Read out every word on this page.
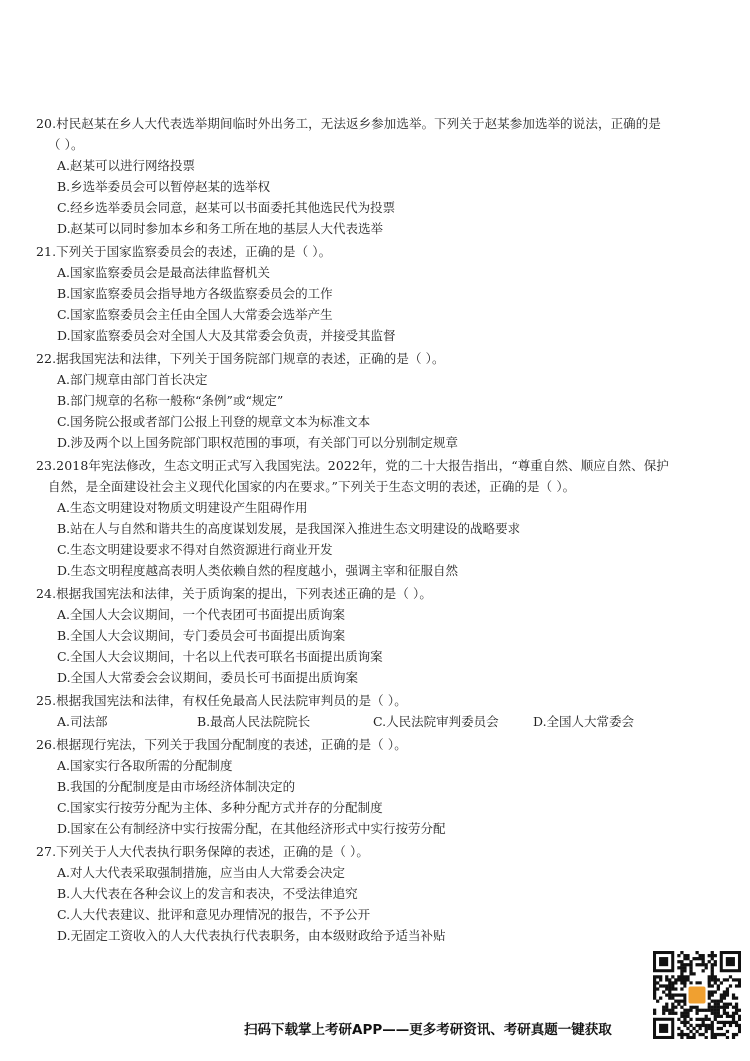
20.村民赵某在乡人大代表选举期间临时外出务工，无法返乡参加选举。下列关于赵某参加选举的说法，正确的是

（ ）。

A.赵某可以进行网络投票
B.乡选举委员会可以暂停赵某的选举权
C.经乡选举委员会同意，赵某可以书面委托其他选民代为投票
D.赵某可以同时参加本乡和务工所在地的基层人大代表选举

21.下列关于国家监察委员会的表述，正确的是（ ）。

A.国家监察委员会是最高法律监督机关
B.国家监察委员会指导地方各级监察委员会的工作
C.国家监察委员会主任由全国人大常委会选举产生
D.国家监察委员会对全国人大及其常委会负责，并接受其监督

22.据我国宪法和法律，下列关于国务院部门规章的表述，正确的是（ ）。

A.部门规章由部门首长决定
B.部门规章的名称一般称“条例”或“规定”
C.国务院公报或者部门公报上刊登的规章文本为标准文本
D.涉及两个以上国务院部门职权范围的事项，有关部门可以分别制定规章

23.2018年宪法修改，生态文明正式写入我国宪法。2022年，党的二十大报告指出，“尊重自然、顺应自然、保护

自然，是全面建设社会主义现代化国家的内在要求。”下列关于生态文明的表述，正确的是（ ）。

A.生态文明建设对物质文明建设产生阻碍作用
B.站在人与自然和谐共生的高度谋划发展，是我国深入推进生态文明建设的战略要求
C.生态文明建设要求不得对自然资源进行商业开发
D.生态文明程度越高表明人类依赖自然的程度越小，强调主宰和征服自然

24.根据我国宪法和法律，关于质询案的提出，下列表述正确的是（ ）。

A.全国人大会议期间，一个代表团可书面提出质询案
B.全国人大会议期间，专门委员会可书面提出质询案
C.全国人大会议期间，十名以上代表可联名书面提出质询案
D.全国人大常委会会议期间，委员长可书面提出质询案

25.根据我国宪法和法律，有权任免最高人民法院审判员的是（ ）。

A.司法部	B.最高人民法院院长	C.人民法院审判委员会	D.全国人大常委会

26.根据现行宪法，下列关于我国分配制度的表述，正确的是（ ）。

A.国家实行各取所需的分配制度
B.我国的分配制度是由市场经济体制决定的
C.国家实行按劳分配为主体、多种分配方式并存的分配制度
D.国家在公有制经济中实行按需分配，在其他经济形式中实行按劳分配

27.下列关于人大代表执行职务保障的表述，正确的是（ ）。

A.对人大代表采取强制措施，应当由人大常委会决定
B.人大代表在各种会议上的发言和表决，不受法律追究
C.人大代表建议、批评和意见办理情况的报告，不予公开
D.无固定工资收入的人大代表执行代表职务，由本级财政给予适当补贴
扫码下载掌上考研APP——更多考研资讯、考研真题一键获取
